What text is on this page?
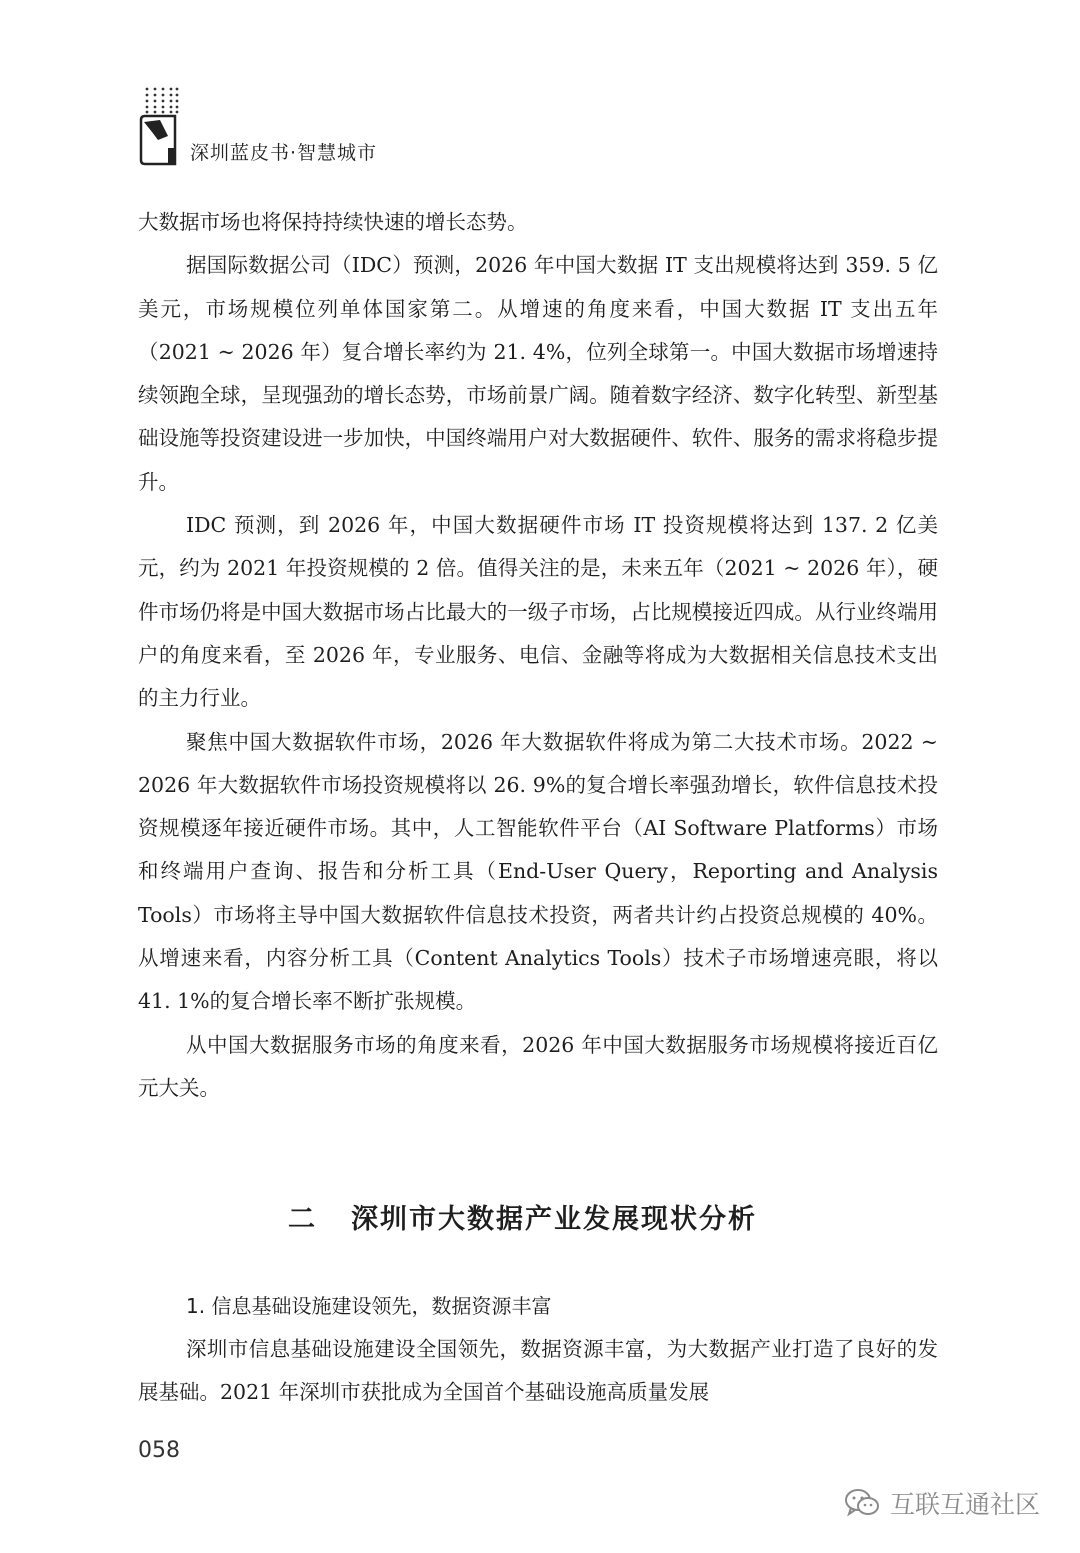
深圳蓝皮书·智慧城市

大数据市场也将保持持续快速的增长态势。

据国际数据公司（IDC）预测，2026 年中国大数据 IT 支出规模将达到 359. 5 亿美元，市场规模位列单体国家第二。从增速的角度来看，中国大数据 IT 支出五年（2021 ~ 2026 年）复合增长率约为 21. 4%，位列全球第一。中国大数据市场增速持续领跑全球，呈现强劲的增长态势，市场前景广阔。随着数字经济、数字化转型、新型基础设施等投资建设进一步加快，中国终端用户对大数据硬件、软件、服务的需求将稳步提升。

IDC 预测，到 2026 年，中国大数据硬件市场 IT 投资规模将达到 137. 2 亿美元，约为 2021 年投资规模的 2 倍。值得关注的是，未来五年（2021 ~ 2026 年），硬件市场仍将是中国大数据市场占比最大的一级子市场，占比规模接近四成。从行业终端用户的角度来看，至 2026 年，专业服务、电信、金融等将成为大数据相关信息技术支出的主力行业。

聚焦中国大数据软件市场，2026 年大数据软件将成为第二大技术市场。2022 ~ 2026 年大数据软件市场投资规模将以 26. 9%的复合增长率强劲增长，软件信息技术投资规模逐年接近硬件市场。其中，人工智能软件平台（AI Software Platforms）市场和终端用户查询、报告和分析工具（End-User Query，Reporting and Analysis Tools）市场将主导中国大数据软件信息技术投资，两者共计约占投资总规模的 40%。从增速来看，内容分析工具（Content Analytics Tools）技术子市场增速亮眼，将以 41. 1%的复合增长率不断扩张规模。

从中国大数据服务市场的角度来看，2026 年中国大数据服务市场规模将接近百亿元大关。

二 深圳市大数据产业发展现状分析
1. 信息基础设施建设领先，数据资源丰富

深圳市信息基础设施建设全国领先，数据资源丰富，为大数据产业打造了良好的发展基础。2021 年深圳市获批成为全国首个基础设施高质量发展

058
互联互通社区
